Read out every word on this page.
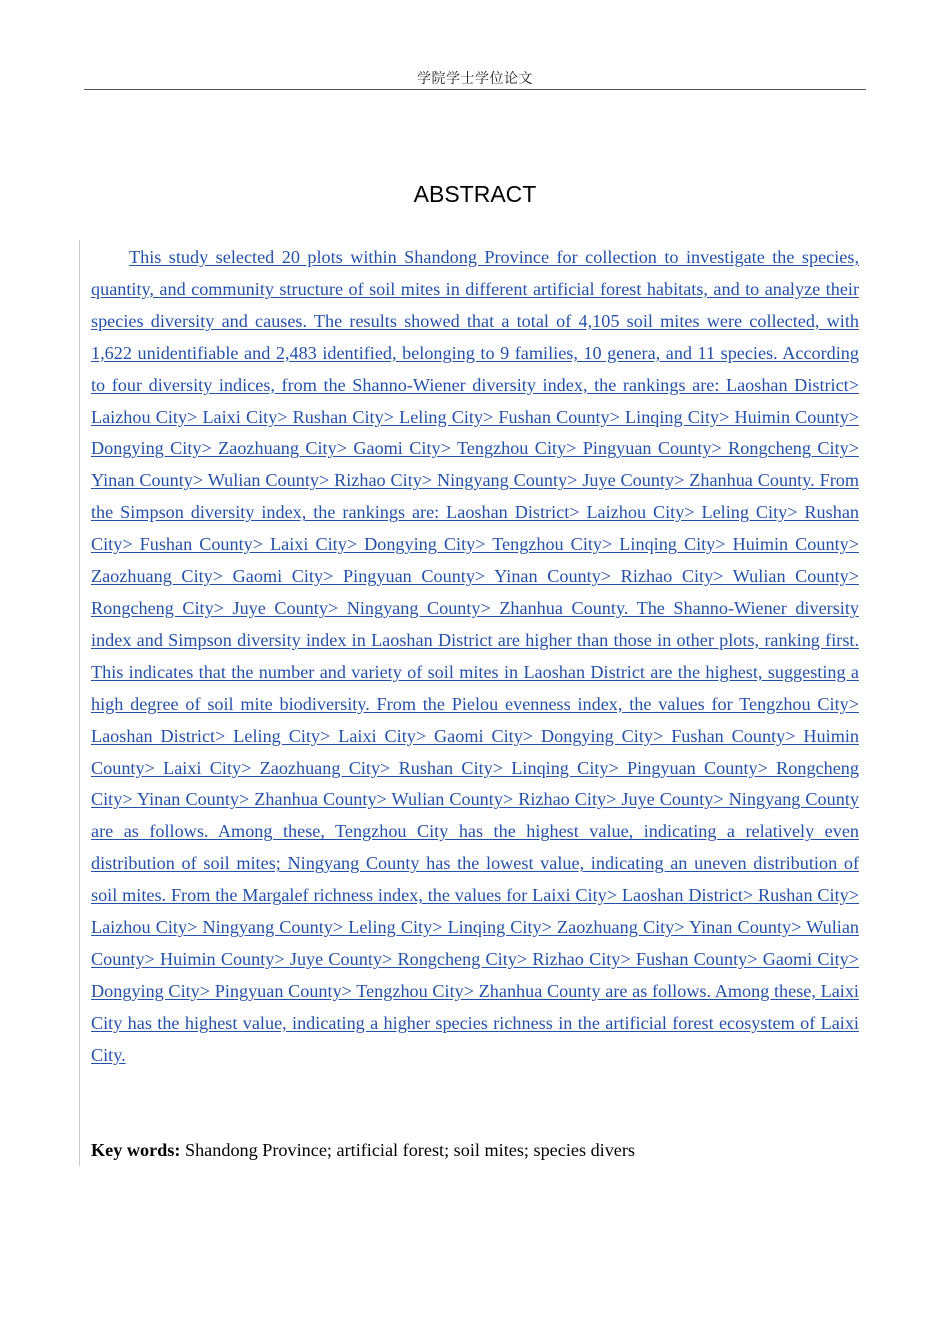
学院学士学位论文
ABSTRACT

This study selected 20 plots within Shandong Province for collection to investigate the species, quantity, and community structure of soil mites in different artificial forest habitats, and to analyze their species diversity and causes. The results showed that a total of 4,105 soil mites were collected, with 1,622 unidentifiable and 2,483 identified, belonging to 9 families, 10 genera, and 11 species. According to four diversity indices, from the Shanno-Wiener diversity index, the rankings are: Laoshan District> Laizhou City> Laixi City> Rushan City> Leling City> Fushan County> Linqing City> Huimin County> Dongying City> Zaozhuang City> Gaomi City> Tengzhou City> Pingyuan County> Rongcheng City> Yinan County> Wulian County> Rizhao City> Ningyang County> Juye County> Zhanhua County. From the Simpson diversity index, the rankings are: Laoshan District> Laizhou City> Leling City> Rushan City> Fushan County> Laixi City> Dongying City> Tengzhou City> Linqing City> Huimin County> Zaozhuang City> Gaomi City> Pingyuan County> Yinan County> Rizhao City> Wulian County> Rongcheng City> Juye County> Ningyang County> Zhanhua County. The Shanno-Wiener diversity index and Simpson diversity index in Laoshan District are higher than those in other plots, ranking first. This indicates that the number and variety of soil mites in Laoshan District are the highest, suggesting a high degree of soil mite biodiversity. From the Pielou evenness index, the values for Tengzhou City> Laoshan District> Leling City> Laixi City> Gaomi City> Dongying City> Fushan County> Huimin County> Laixi City> Zaozhuang City> Rushan City> Linqing City> Pingyuan County> Rongcheng City> Yinan County> Zhanhua County> Wulian County> Rizhao City> Juye County> Ningyang County are as follows. Among these, Tengzhou City has the highest value, indicating a relatively even distribution of soil mites; Ningyang County has the lowest value, indicating an uneven distribution of soil mites. From the Margalef richness index, the values for Laixi City> Laoshan District> Rushan City> Laizhou City> Ningyang County> Leling City> Linqing City> Zaozhuang City> Yinan County> Wulian County> Huimin County> Juye County> Rongcheng City> Rizhao City> Fushan County> Gaomi City> Dongying City> Pingyuan County> Tengzhou City> Zhanhua County are as follows. Among these, Laixi City has the highest value, indicating a higher species richness in the artificial forest ecosystem of Laixi City.

Key words: Shandong Province; artificial forest; soil mites; species divers
